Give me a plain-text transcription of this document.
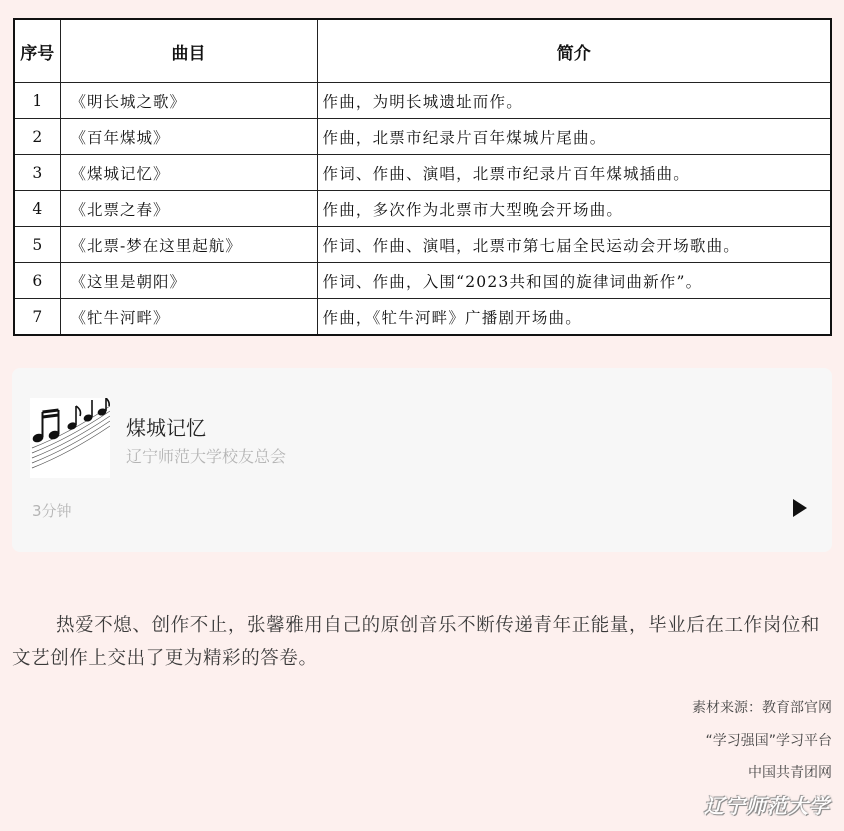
序号	曲目	简介
1	《明长城之歌》	作曲，为明长城遗址而作。
2	《百年煤城》	作曲，北票市纪录片百年煤城片尾曲。
3	《煤城记忆》	作词、作曲、演唱，北票市纪录片百年煤城插曲。
4	《北票之春》	作曲，多次作为北票市大型晚会开场曲。
5	《北票-梦在这里起航》	作词、作曲、演唱，北票市第七届全民运动会开场歌曲。
6	《这里是朝阳》	作词、作曲，入围“2023共和国的旋律词曲新作”。
7	《牤牛河畔》	作曲，《牤牛河畔》广播剧开场曲。
煤城记忆
辽宁师范大学校友总会
3分钟

热爱不熄、创作不止，张馨雅用自己的原创音乐不断传递青年正能量，毕业后在工作岗位和文艺创作上交出了更为精彩的答卷。

素材来源：教育部官网
“学习强国”学习平台
中国共青团网
辽宁师范大学
